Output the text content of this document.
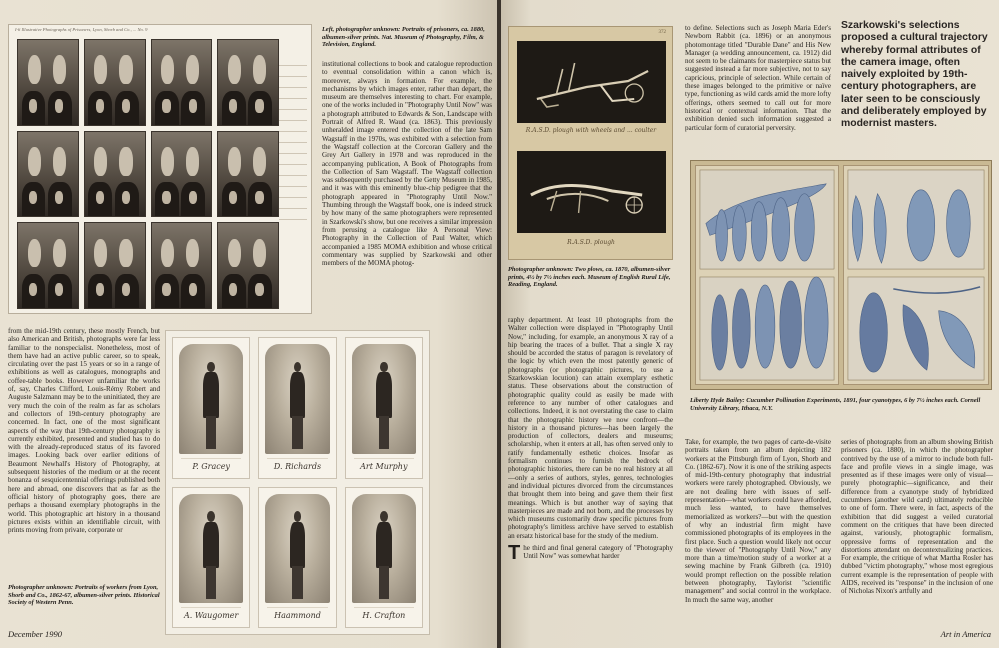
I-6 Illustrative Photographs of Prisoners, Lyon, Shorb and Co., ... No. 9	Left, photographer unknown: Portraits of prisoners, ca. 1880, albumen-silver prints. Nat. Museum of Photography, Film, & Television, England.

institutional collections to book and catalogue reproduction to eventual consolidation within a canon which is, moreover, always in formation. For example, the mechanisms by which images enter, rather than depart, the museum are themselves interesting to chart. For example, one of the works included in "Photography Until Now" was a photograph attributed to Edwards & Son, Landscape with Portrait of Alfred R. Waud (ca. 1863). This previously unheralded image entered the collection of the late Sam Wagstaff in the 1970s, was exhibited with a selection from the Wagstaff collection at the Corcoran Gallery and the Grey Art Gallery in 1978 and was reproduced in the accompanying publication, A Book of Photographs from the Collection of Sam Wagstaff. The Wagstaff collection was subsequently purchased by the Getty Museum in 1985, and it was with this eminently blue-chip pedigree that the photograph appeared in "Photography Until Now." Thumbing through the Wagstaff book, one is indeed struck by how many of the same photographers were represented in Szarkowski's show, but one receives a similar impression from perusing a catalogue like A Personal View: Photography in the Collection of Paul Walter, which accompanied a 1985 MOMA exhibition and whose critical commentary was supplied by Szarkowski and other members of the MOMA photog-

from the mid-19th century, these mostly French, but also American and British, photographs were far less familiar to the nonspecialist. Nonetheless, most of them have had an active public career, so to speak, circulating over the past 15 years or so in a range of exhibitions as well as catalogues, monographs and coffee-table books. However unfamiliar the works of, say, Charles Clifford, Louis-Rémy Robert and Auguste Salzmann may be to the uninitiated, they are very much the coin of the realm as far as scholars and collectors of 19th-century photography are concerned. In fact, one of the most significant aspects of the way that 19th-century photography is currently exhibited, presented and studied has to do with the already-reproduced status of its favored images. Looking back over earlier editions of Beaumont Newhall's History of Photography, at subsequent histories of the medium or at the recent bonanza of sesquicentennial offerings published both here and abroad, one discovers that as far as the official history of photography goes, there are perhaps a thousand exemplary photographs in the world. This photographic art history in a thousand pictures exists within an identifiable circuit, with prints moving from private, corporate or

P. Gracey	D. Richards	Art Murphy
A. Waugomer	Haammond	H. Crafton

Photographer unknown: Portraits of workers from Lyon, Shorb and Co., 1862-67, albumen-silver prints. Historical Society of Western Penn.

December 1990
372
R.A.S.D. plough with wheels and ... coulter
R.A.S.D. plough

Photographer unknown: Two plows, ca. 1870, albumen-silver prints, 4½ by 7½ inches each. Museum of English Rural Life, Reading, England.

to define. Selections such as Joseph Maria Eder's Newborn Rabbit (ca. 1896) or an anonymous photomontage titled "Durable Dane" and His New Manager (a wedding announcement, ca. 1912) did not seem to be claimants for masterpiece status but suggested instead a far more subjective, not to say capricious, principle of selection. While certain of these images belonged to the primitive or naïve type, functioning as wild cards amid the more lofty offerings, others seemed to call out for more historical or contextual information. That the exhibition denied such information suggested a particular form of curatorial perversity.

Szarkowski's selections proposed a cultural trajectory whereby formal attributes of the camera image, often naively exploited by 19th-century photographers, are later seen to be consciously and deliberately employed by modernist masters.

raphy department. At least 10 photographs from the Walter collection were displayed in "Photography Until Now," including, for example, an anonymous X ray of a hip bearing the traces of a bullet. That a single X ray should be accorded the status of paragon is revelatory of the logic by which even the most patently generic of photographs (or photographic pictures, to use a Szarkowskian locution) can attain exemplary esthetic status. These observations about the construction of photographic quality could as easily be made with reference to any number of other catalogues and collections. Indeed, it is not overstating the case to claim that the photographic history we now confront—the history in a thousand pictures—has been largely the production of collectors, dealers and museums; scholarship, when it enters at all, has often served only to ratify fundamentally esthetic choices. Insofar as formalism continues to furnish the bedrock of photographic histories, there can be no real history at all—only a series of authors, styles, genres, technologies and individual pictures divorced from the circumstances that brought them into being and gave them their first meanings. Which is but another way of saying that masterpieces are made and not born, and the processes by which museums customarily draw specific pictures from photography's limitless archive have served to establish an ersatz historical base for the study of the medium.

The third and final general category of "Photography Until Now" was somewhat harder

Liberty Hyde Bailey: Cucumber Pollination Experiments, 1891, four cyanotypes, 6 by 7½ inches each. Cornell University Library, Ithaca, N.Y.

Take, for example, the two pages of carte-de-visite portraits taken from an album depicting 182 workers at the Pittsburgh firm of Lyon, Shorb and Co. (1862-67). Now it is one of the striking aspects of mid-19th-century photography that industrial workers were rarely photographed. Obviously, we are not dealing here with issues of self-representation—what workers could have afforded, much less wanted, to have themselves memorialized as workers?—but with the question of why an industrial firm might have commissioned photographs of its employees in the first place. Such a question would likely not occur to the viewer of "Photography Until Now," any more than a time/motion study of a worker at a sewing machine by Frank Gilbreth (ca. 1910) would prompt reflection on the possible relation between photography, Taylorist "scientific management" and social control in the workplace. In much the same way, another

series of photographs from an album showing British prisoners (ca. 1880), in which the photographer contrived by the use of a mirror to include both full-face and profile views in a single image, was presented as if these images were only of visual—purely photographic—significance, and their difference from a cyanotype study of hybridized cucumbers (another wild card) ultimately reducible to one of form. There were, in fact, aspects of the exhibition that did suggest a veiled curatorial comment on the critiques that have been directed against, variously, photographic formalism, oppressive forms of representation and the distortions attendant on decontextualizing practices. For example, the critique of what Martha Rosler has dubbed "victim photography," whose most egregious current example is the representation of people with AIDS, received its "response" in the inclusion of one of Nicholas Nixon's artfully and

Art in America
